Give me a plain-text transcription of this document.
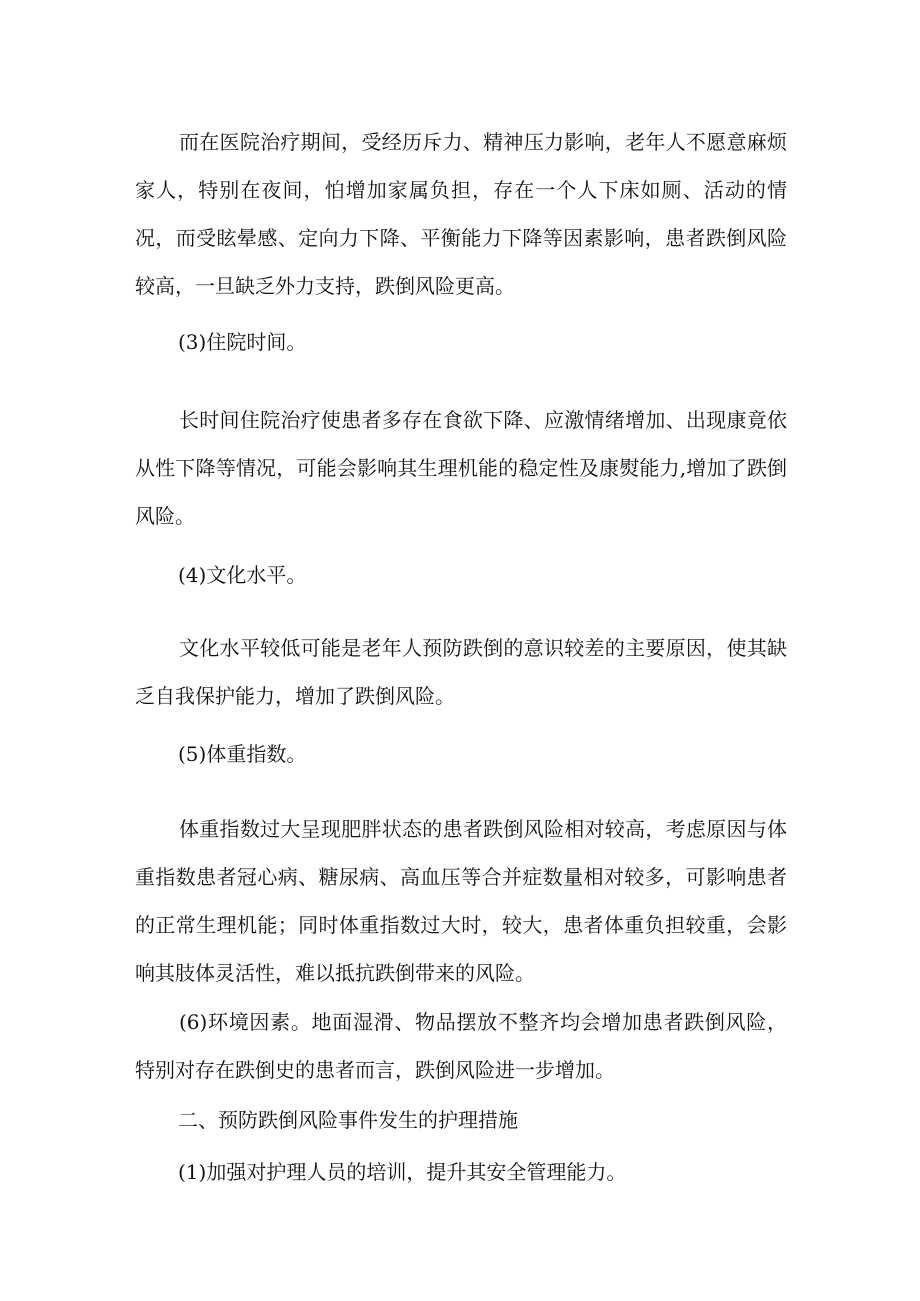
而在医院治疗期间，受经历斥力、精神压力影响，老年人不愿意麻烦家人，特别在夜间，怕增加家属负担，存在一个人下床如厕、活动的情况，而受眩晕感、定向力下降、平衡能力下降等因素影响，患者跌倒风险较高，一旦缺乏外力支持，跌倒风险更高。

(3)住院时间。

长时间住院治疗使患者多存在食欲下降、应激情绪增加、出现康竟依从性下降等情况，可能会影响其生理机能的稳定性及康熨能力,增加了跌倒风险。

(4)文化水平。

文化水平较低可能是老年人预防跌倒的意识较差的主要原因，使其缺乏自我保护能力，增加了跌倒风险。

(5)体重指数。

体重指数过大呈现肥胖状态的患者跌倒风险相对较高，考虑原因与体重指数患者冠心病、糖尿病、高血压等合并症数量相对较多，可影响患者的正常生理机能；同时体重指数过大时，较大，患者体重负担较重，会影响其肢体灵活性，难以抵抗跌倒带来的风险。

(6)环境因素。地面湿滑、物品摆放不整齐均会增加患者跌倒风险，特别对存在跌倒史的患者而言，跌倒风险进一步增加。

二、预防跌倒风险事件发生的护理措施

(1)加强对护理人员的培训，提升其安全管理能力。
